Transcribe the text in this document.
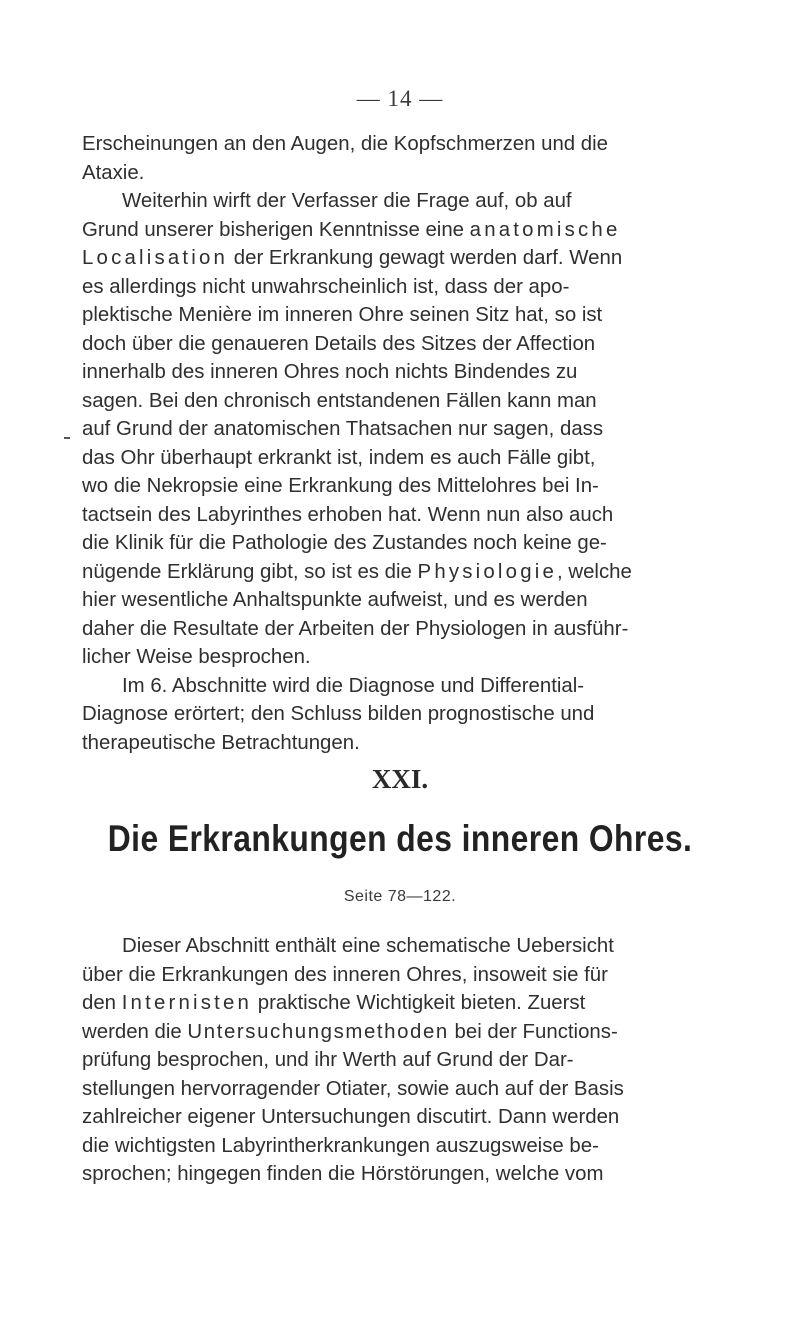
— 14 —
Erscheinungen an den Augen, die Kopfschmerzen und die
Ataxie.
Weiterhin wirft der Verfasser die Frage auf, ob auf
Grund unserer bisherigen Kenntnisse eine anatomische
Localisation der Erkrankung gewagt werden darf. Wenn
es allerdings nicht unwahrscheinlich ist, dass der apo-
plektische Menière im inneren Ohre seinen Sitz hat, so ist
doch über die genaueren Details des Sitzes der Affection
innerhalb des inneren Ohres noch nichts Bindendes zu
sagen. Bei den chronisch entstandenen Fällen kann man
auf Grund der anatomischen Thatsachen nur sagen, dass
das Ohr überhaupt erkrankt ist, indem es auch Fälle gibt,
wo die Nekropsie eine Erkrankung des Mittelohres bei In-
tactsein des Labyrinthes erhoben hat. Wenn nun also auch
die Klinik für die Pathologie des Zustandes noch keine ge-
nügende Erklärung gibt, so ist es die Physiologie, welche
hier wesentliche Anhaltspunkte aufweist, und es werden
daher die Resultate der Arbeiten der Physiologen in ausführ-
licher Weise besprochen.
Im 6. Abschnitte wird die Diagnose und Differential-
Diagnose erörtert; den Schluss bilden prognostische und
therapeutische Betrachtungen.
XXI.
Die Erkrankungen des inneren Ohres.
Seite 78—122.
Dieser Abschnitt enthält eine schematische Uebersicht
über die Erkrankungen des inneren Ohres, insoweit sie für
den Internisten praktische Wichtigkeit bieten. Zuerst
werden die Untersuchungsmethoden bei der Functions-
prüfung besprochen, und ihr Werth auf Grund der Dar-
stellungen hervorragender Otiater, sowie auch auf der Basis
zahlreicher eigener Untersuchungen discutirt. Dann werden
die wichtigsten Labyrintherkrankungen auszugsweise be-
sprochen; hingegen finden die Hörstörungen, welche vom
